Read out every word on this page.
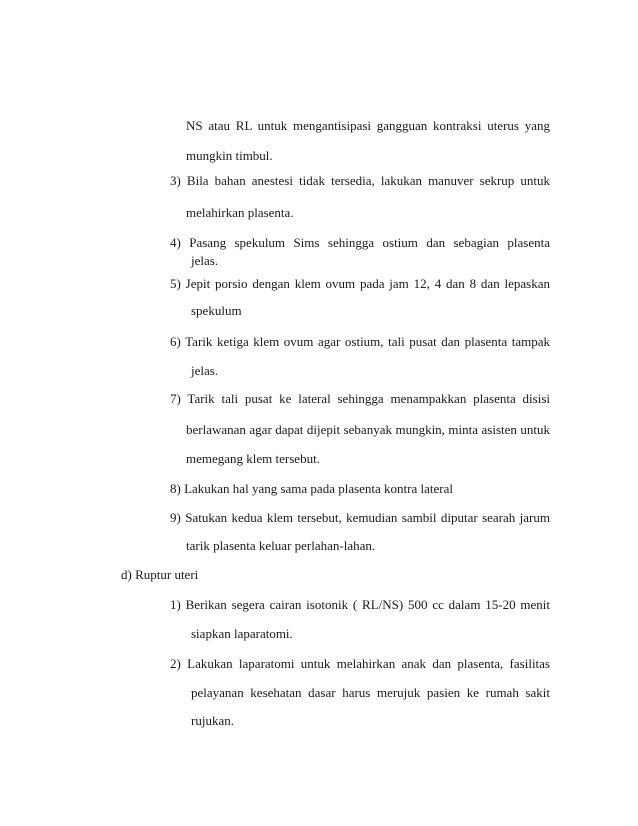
NS atau RL untuk mengantisipasi gangguan kontraksi uterus yang
mungkin timbul.
3) Bila bahan anestesi tidak tersedia, lakukan manuver sekrup untuk
melahirkan plasenta.
4) Pasang spekulum Sims sehingga ostium dan sebagian plasenta
jelas.
5) Jepit porsio dengan klem ovum pada jam 12, 4 dan 8 dan lepaskan
spekulum
6) Tarik ketiga klem ovum agar ostium, tali pusat dan plasenta tampak
jelas.
7) Tarik tali pusat ke lateral sehingga menampakkan plasenta disisi
berlawanan agar dapat dijepit sebanyak mungkin, minta asisten untuk
memegang klem tersebut.
8) Lakukan hal yang sama pada plasenta kontra lateral
9) Satukan kedua klem tersebut, kemudian sambil diputar searah jarum
tarik plasenta keluar perlahan-lahan.
d) Ruptur uteri
1) Berikan segera cairan isotonik ( RL/NS) 500 cc dalam 15-20 menit
siapkan laparatomi.
2) Lakukan laparatomi untuk melahirkan anak dan plasenta, fasilitas
pelayanan kesehatan dasar harus merujuk pasien ke rumah sakit
rujukan.
